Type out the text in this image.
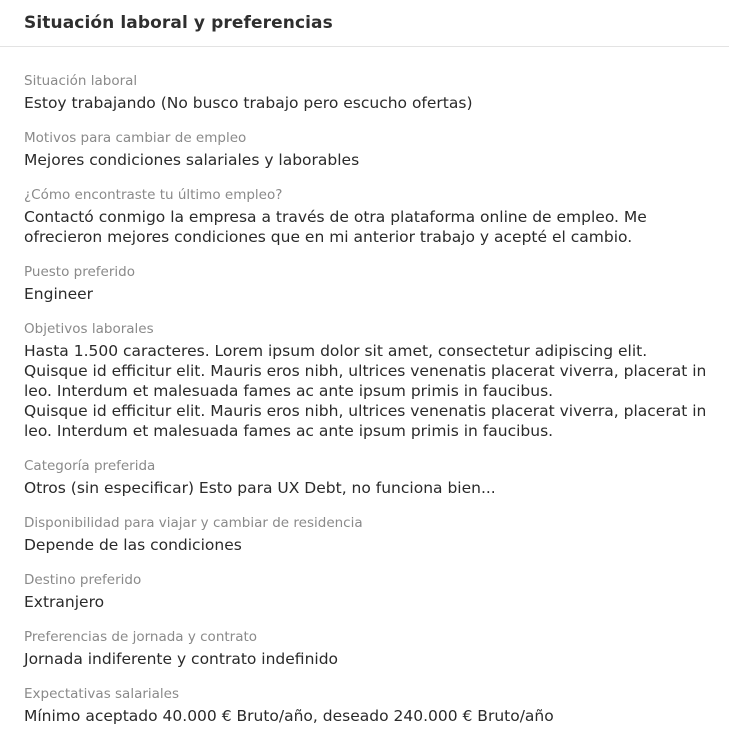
Situación laboral y preferencias
Situación laboral
Estoy trabajando (No busco trabajo pero escucho ofertas)
Motivos para cambiar de empleo
Mejores condiciones salariales y laborables
¿Cómo encontraste tu último empleo?
Contactó conmigo la empresa a través de otra plataforma online de empleo. Me ofrecieron mejores condiciones que en mi anterior trabajo y acepté el cambio.
Puesto preferido
Engineer
Objetivos laborales
Hasta 1.500 caracteres. Lorem ipsum dolor sit amet, consectetur adipiscing elit. Quisque id efficitur elit. Mauris eros nibh, ultrices venenatis placerat viverra, placerat in leo. Interdum et malesuada fames ac ante ipsum primis in faucibus.
Quisque id efficitur elit. Mauris eros nibh, ultrices venenatis placerat viverra, placerat in leo. Interdum et malesuada fames ac ante ipsum primis in faucibus.
Categoría preferida
Otros (sin especificar) Esto para UX Debt, no funciona bien...
Disponibilidad para viajar y cambiar de residencia
Depende de las condiciones
Destino preferido
Extranjero
Preferencias de jornada y contrato
Jornada indiferente y contrato indefinido
Expectativas salariales
Mínimo aceptado 40.000 € Bruto/año, deseado 240.000 € Bruto/año
